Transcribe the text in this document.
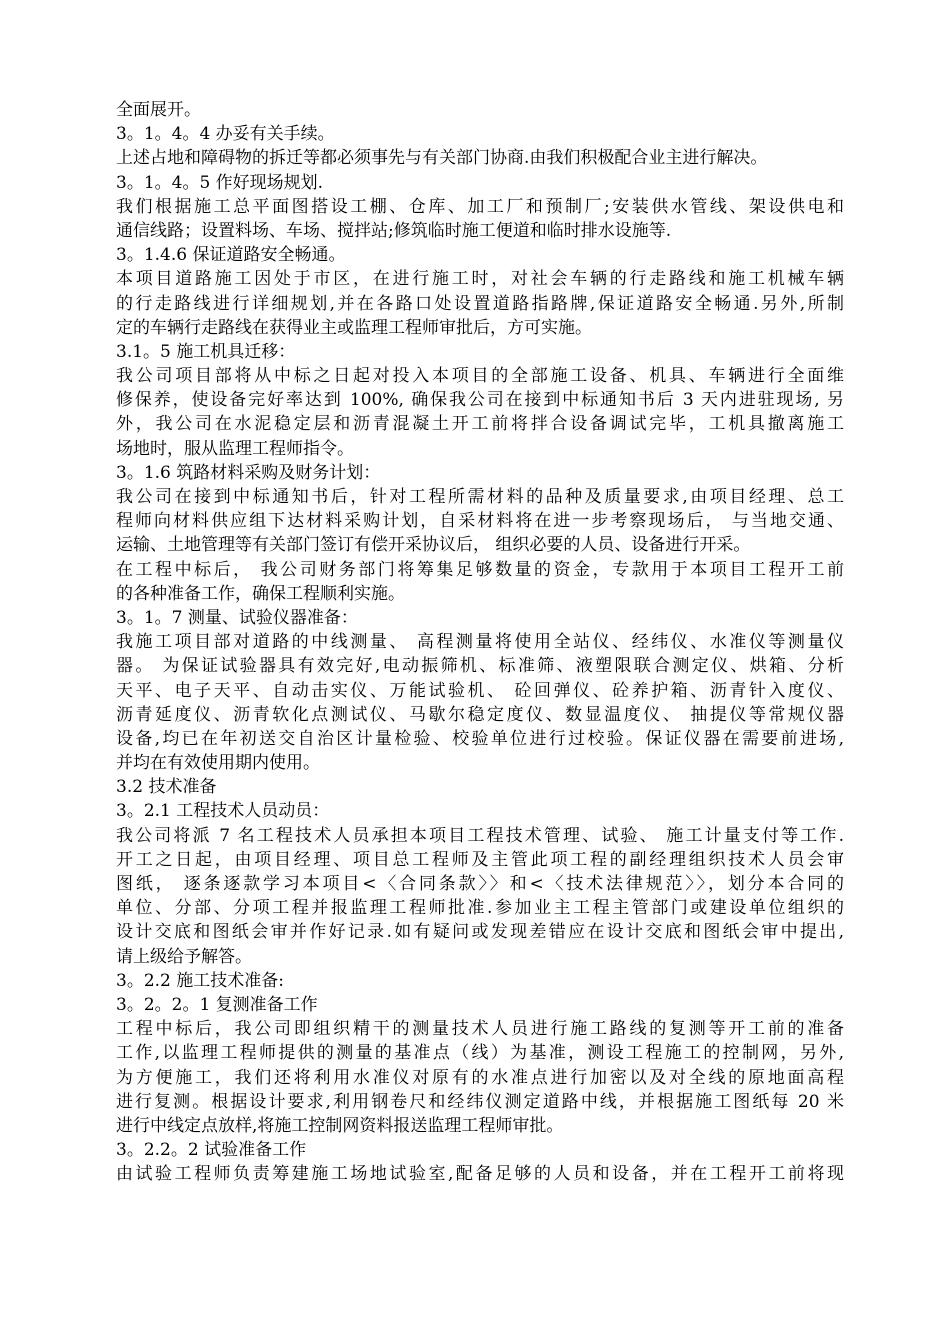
全面展开。
3。1。4。4 办妥有关手续。
上述占地和障碍物的拆迁等都必须事先与有关部门协商.由我们积极配合业主进行解决。
3。1。4。5 作好现场规划.
我们根据施工总平面图搭设工棚、仓库、加工厂和预制厂;安装供水管线、架设供电和
通信线路；设置料场、车场、搅拌站;修筑临时施工便道和临时排水设施等.
3。1.4.6 保证道路安全畅通。
本项目道路施工因处于市区，在进行施工时，对社会车辆的行走路线和施工机械车辆
的行走路线进行详细规划,并在各路口处设置道路指路牌,保证道路安全畅通.另外,所制
定的车辆行走路线在获得业主或监理工程师审批后，方可实施。
3.1。5 施工机具迁移：
我公司项目部将从中标之日起对投入本项目的全部施工设备、机具、车辆进行全面维
修保养，使设备完好率达到 100%, 确保我公司在接到中标通知书后 3 天内进驻现场, 另
外，我公司在水泥稳定层和沥青混凝土开工前将拌合设备调试完毕，工机具撤离施工
场地时，服从监理工程师指令。
3。1.6 筑路材料采购及财务计划：
我公司在接到中标通知书后，针对工程所需材料的品种及质量要求,由项目经理、总工
程师向材料供应组下达材料采购计划，自采材料将在进一步考察现场后， 与当地交通、
运输、土地管理等有关部门签订有偿开采协议后， 组织必要的人员、设备进行开采。
在工程中标后， 我公司财务部门将筹集足够数量的资金，专款用于本项目工程开工前
的各种准备工作，确保工程顺利实施。
3。1。7 测量、试验仪器准备：
我施工项目部对道路的中线测量、 高程测量将使用全站仪、经纬仪、水准仪等测量仪
器。 为保证试验器具有效完好,电动振筛机、标准筛、液塑限联合测定仪、烘箱、分析
天平、电子天平、自动击实仪、万能试验机、 砼回弹仪、砼养护箱、沥青针入度仪、
沥青延度仪、沥青软化点测试仪、马歇尔稳定度仪、数显温度仪、 抽提仪等常规仪器
设备,均已在年初送交自治区计量检验、校验单位进行过校验。保证仪器在需要前进场,
并均在有效使用期内使用。
3.2 技术准备
3。2.1 工程技术人员动员：
我公司将派 7 名工程技术人员承担本项目工程技术管理、试验、 施工计量支付等工作.
开工之日起，由项目经理、项目总工程师及主管此项工程的副经理组织技术人员会审
图纸， 逐条逐款学习本项目<〈合同条款〉〉和<〈技术法律规范〉〉，划分本合同的
单位、分部、分项工程并报监理工程师批准.参加业主工程主管部门或建设单位组织的
设计交底和图纸会审并作好记录.如有疑问或发现差错应在设计交底和图纸会审中提出,
请上级给予解答。
3。2.2 施工技术准备:
3。2。2。1 复测准备工作
工程中标后，我公司即组织精干的测量技术人员进行施工路线的复测等开工前的准备
工作,以监理工程师提供的测量的基准点（线）为基准，测设工程施工的控制网，另外,
为方便施工，我们还将利用水准仪对原有的水准点进行加密以及对全线的原地面高程
进行复测。根据设计要求,利用钢卷尺和经纬仪测定道路中线，并根据施工图纸每 20 米
进行中线定点放样,将施工控制网资料报送监理工程师审批。
3。2.2。2 试验准备工作
由试验工程师负责筹建施工场地试验室,配备足够的人员和设备，并在工程开工前将现
